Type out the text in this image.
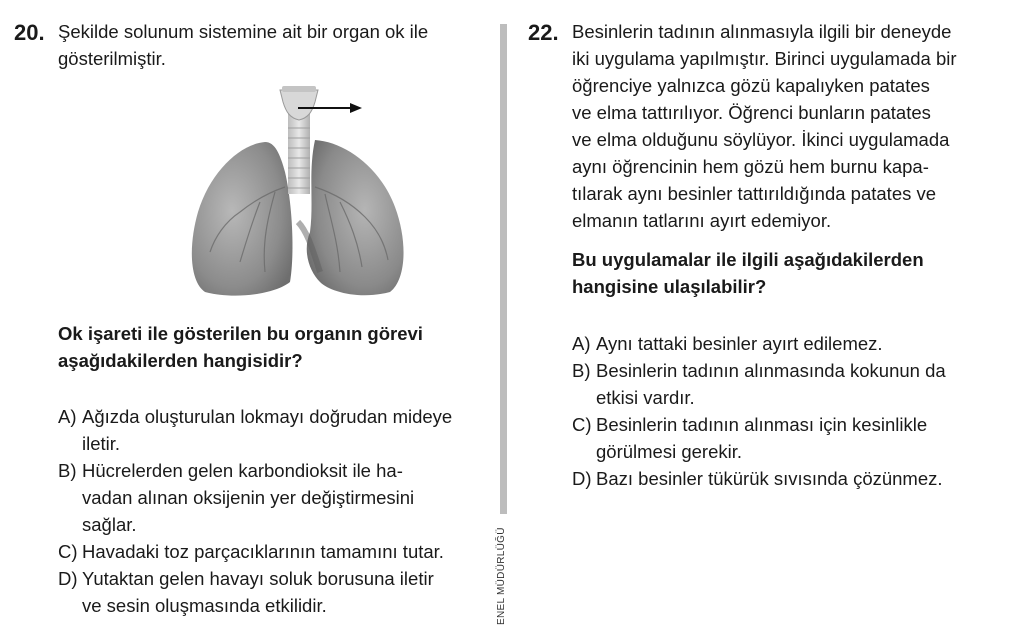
20. Şekilde solunum sistemine ait bir organ ok ile
gösterilmiştir.
Ok işareti ile gösterilen bu organın görevi
aşağıdakilerden hangisidir?
A) Ağızda oluşturulan lokmayı doğrudan mideye
iletir.
B) Hücrelerden gelen karbondioksit ile ha-
vadan alınan oksijenin yer değiştirmesini
sağlar.
C) Havadaki toz parçacıklarının tamamını tutar.
D) Yutaktan gelen havayı soluk borusuna iletir
ve sesin oluşmasında etkilidir.	ENEL MÜDÜRLÜĞÜ
22. Besinlerin tadının alınmasıyla ilgili bir deneyde
iki uygulama yapılmıştır. Birinci uygulamada bir
öğrenciye yalnızca gözü kapalıyken patates
ve elma tattırılıyor. Öğrenci bunların patates
ve elma olduğunu söylüyor. İkinci uygulamada
aynı öğrencinin hem gözü hem burnu kapa-
tılarak aynı besinler tattırıldığında patates ve
elmanın tatlarını ayırt edemiyor.
Bu uygulamalar ile ilgili aşağıdakilerden
hangisine ulaşılabilir?
A) Aynı tattaki besinler ayırt edilemez.
B) Besinlerin tadının alınmasında kokunun da
etkisi vardır.
C) Besinlerin tadının alınması için kesinlikle
görülmesi gerekir.
D) Bazı besinler tükürük sıvısında çözünmez.
